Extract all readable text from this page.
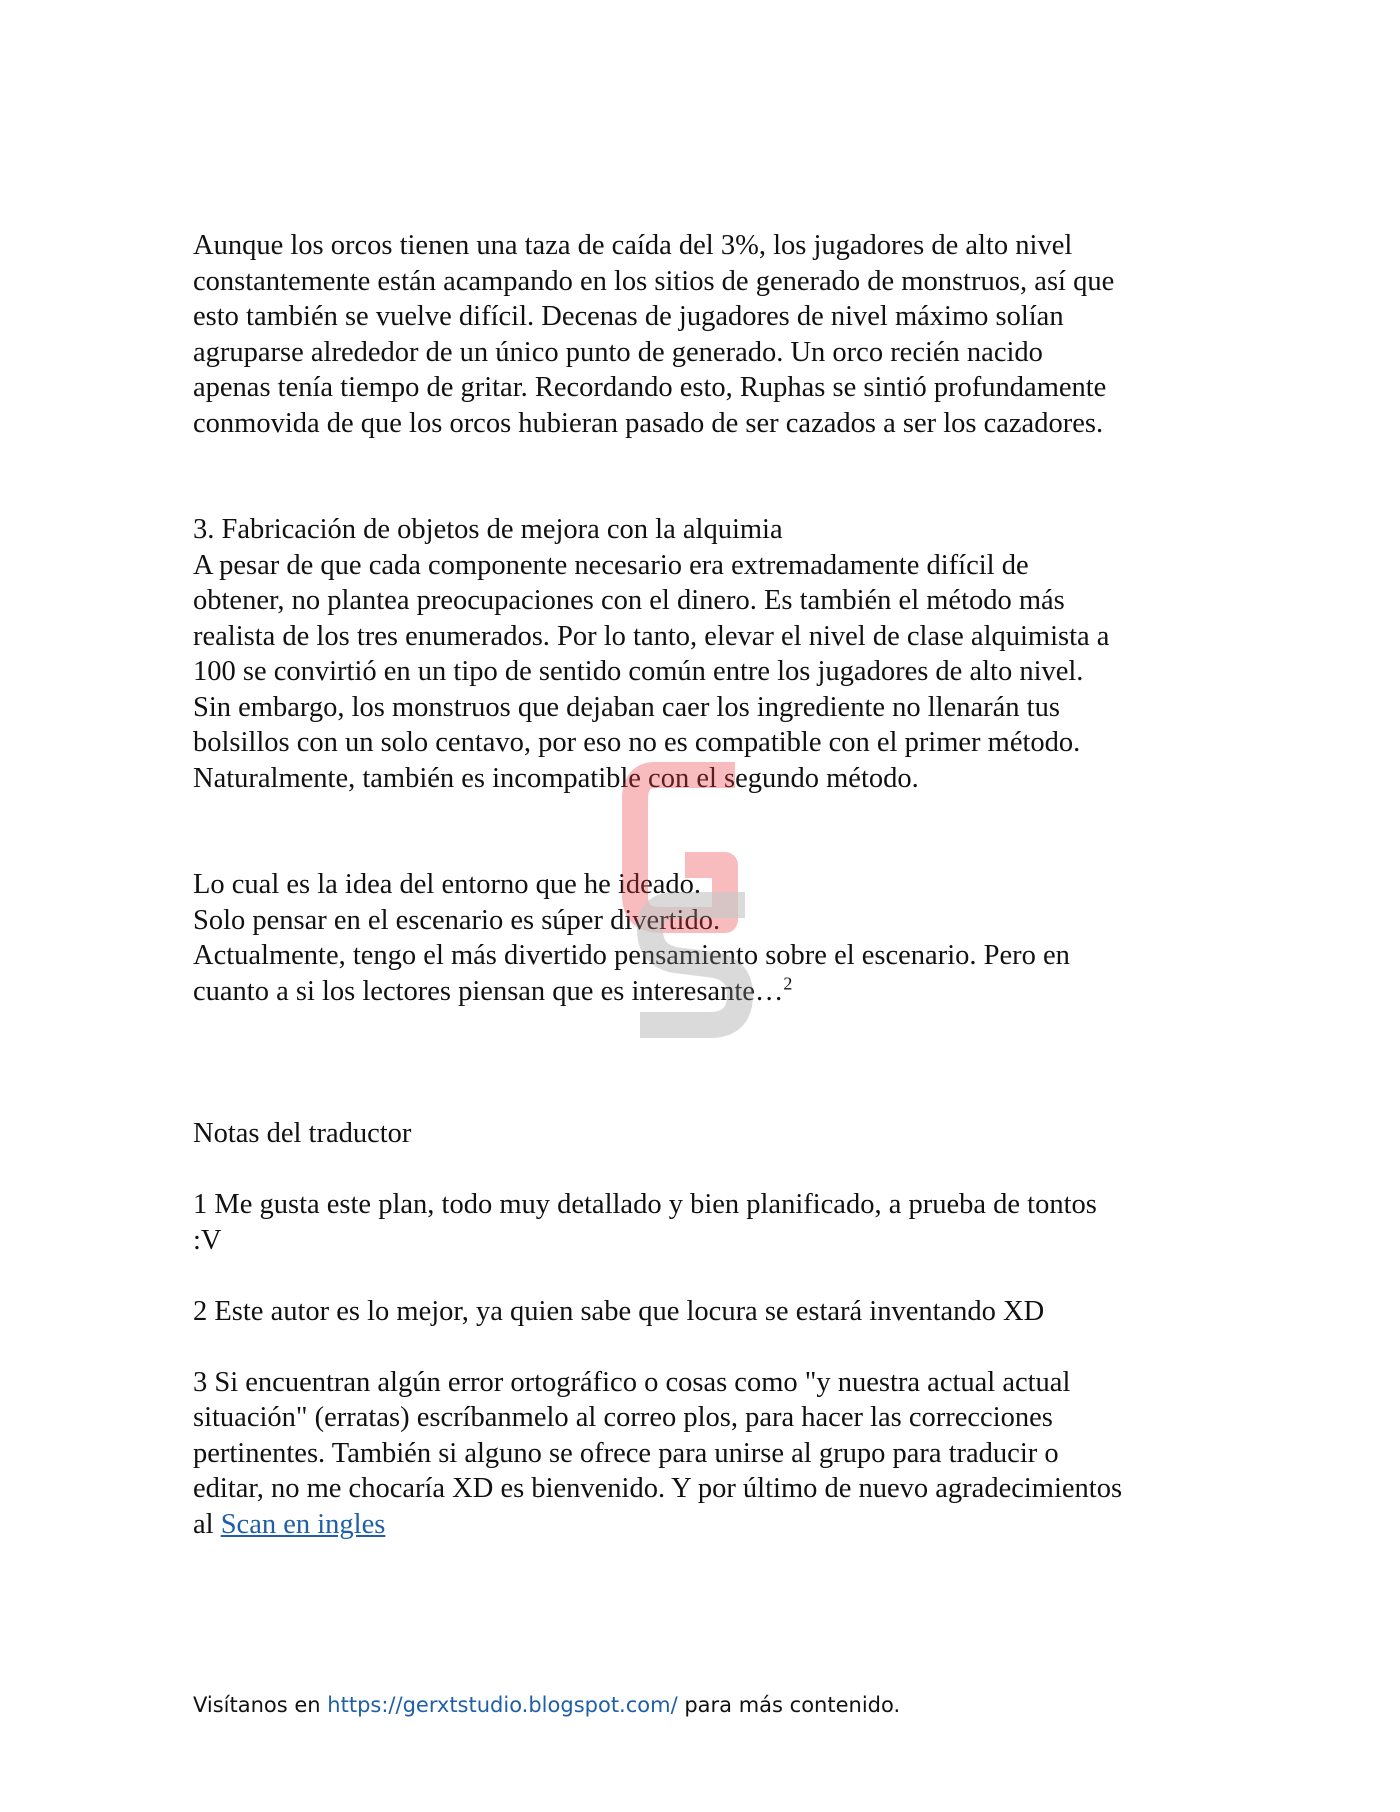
Aunque los orcos tienen una taza de caída del 3%, los jugadores de alto nivel
constantemente están acampando en los sitios de generado de monstruos, así que
esto también se vuelve difícil. Decenas de jugadores de nivel máximo solían
agruparse alrededor de un único punto de generado. Un orco recién nacido
apenas tenía tiempo de gritar. Recordando esto, Ruphas se sintió profundamente
conmovida de que los orcos hubieran pasado de ser cazados a ser los cazadores.

3. Fabricación de objetos de mejora con la alquimia
A pesar de que cada componente necesario era extremadamente difícil de
obtener, no plantea preocupaciones con el dinero. Es también el método más
realista de los tres enumerados. Por lo tanto, elevar el nivel de clase alquimista a
100 se convirtió en un tipo de sentido común entre los jugadores de alto nivel.
Sin embargo, los monstruos que dejaban caer los ingrediente no llenarán tus
bolsillos con un solo centavo, por eso no es compatible con el primer método.
Naturalmente, también es incompatible con el segundo método.

Lo cual es la idea del entorno que he ideado.
Solo pensar en el escenario es súper divertido.
Actualmente, tengo el más divertido pensamiento sobre el escenario. Pero en
cuanto a si los lectores piensan que es interesante…$^2$

Notas del traductor

1 Me gusta este plan, todo muy detallado y bien planificado, a prueba de tontos
:V

2 Este autor es lo mejor, ya quien sabe que locura se estará inventando XD

3 Si encuentran algún error ortográfico o cosas como "y nuestra actual actual
situación" (erratas) escríbanmelo al correo plos, para hacer las correcciones
pertinentes. También si alguno se ofrece para unirse al grupo para traducir o
editar, no me chocaría XD es bienvenido. Y por último de nuevo agradecimientos
al Scan en ingles

Visítanos en https://gerxtstudio.blogspot.com/ para más contenido.
